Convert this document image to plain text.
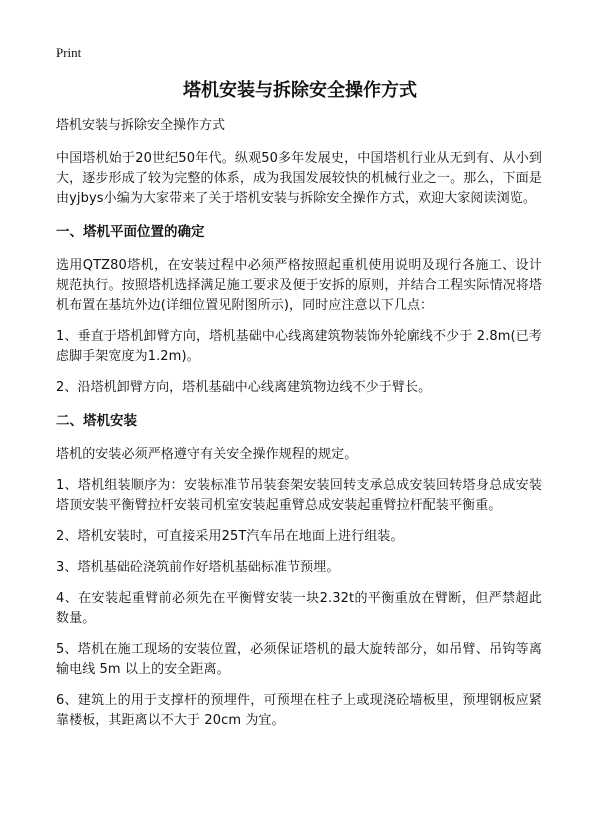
Print
塔机安装与拆除安全操作方式

塔机安装与拆除安全操作方式

中国塔机始于20世纪50年代。纵观50多年发展史，中国塔机行业从无到有、从小到大，逐步形成了较为完整的体系，成为我国发展较快的机械行业之一。那么，下面是由yjbys小编为大家带来了关于塔机安装与拆除安全操作方式，欢迎大家阅读浏览。

一、塔机平面位置的确定

选用QTZ80塔机，在安装过程中必须严格按照起重机使用说明及现行各施工、设计规范执行。按照塔机选择满足施工要求及便于安拆的原则，并结合工程实际情况将塔机布置在基坑外边(详细位置见附图所示)，同时应注意以下几点：

1、垂直于塔机卸臂方向，塔机基础中心线离建筑物装饰外轮廓线不少于 2.8m(已考虑脚手架宽度为1.2m)。

2、沿塔机卸臂方向，塔机基础中心线离建筑物边线不少于臂长。

二、塔机安装

塔机的安装必须严格遵守有关安全操作规程的规定。

1、塔机组装顺序为：安装标准节吊装套架安装回转支承总成安装回转塔身总成安装塔顶安装平衡臂拉杆安装司机室安装起重臂总成安装起重臂拉杆配装平衡重。

2、塔机安装时，可直接采用25T汽车吊在地面上进行组装。

3、塔机基础砼浇筑前作好塔机基础标准节预埋。

4、在安装起重臂前必须先在平衡臂安装一块2.32t的平衡重放在臂断，但严禁超此数量。

5、塔机在施工现场的安装位置，必须保证塔机的最大旋转部分，如吊臂、吊钩等离输电线 5m 以上的安全距离。

6、建筑上的用于支撑杆的预埋件，可预埋在柱子上或现浇砼墙板里，预埋钢板应紧靠楼板，其距离以不大于 20cm 为宜。
